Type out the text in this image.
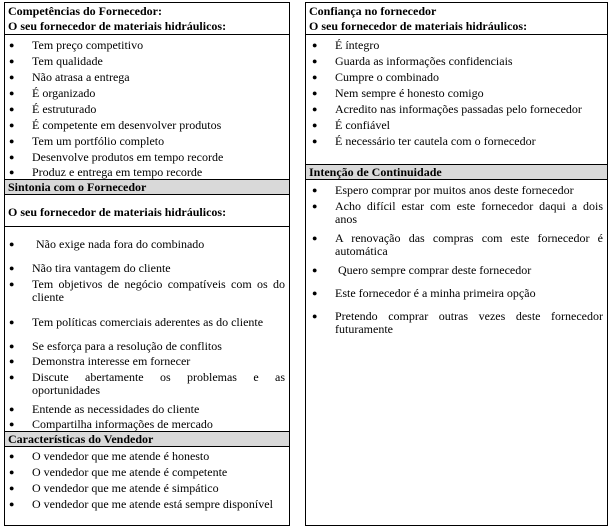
Competências do Fornecedor:
O seu fornecedor de materiais hidráulicos:
● Tem preço competitivo
● Tem qualidade
● Não atrasa a entrega
● É organizado
● É estruturado
● É competente em desenvolver produtos
● Tem um portfólio completo
● Desenvolve produtos em tempo recorde
● Produz e entrega em tempo recorde
Sintonia com o Fornecedor
O seu fornecedor de materiais hidráulicos:
● Não exige nada fora do combinado
● Não tira vantagem do cliente
● Tem objetivos de negócio compatíveis com os do cliente
● Tem políticas comerciais aderentes as do cliente
● Se esforça para a resolução de conflitos
● Demonstra interesse em fornecer
● Discute abertamente os problemas e as oportunidades
● Entende as necessidades do cliente
● Compartilha informações de mercado
Características do Vendedor
● O vendedor que me atende é honesto
● O vendedor que me atende é competente
● O vendedor que me atende é simpático
● O vendedor que me atende está sempre disponível
Confiança no fornecedor
O seu fornecedor de materiais hidráulicos:
● É íntegro
● Guarda as informações confidenciais
● Cumpre o combinado
● Nem sempre é honesto comigo
● Acredito nas informações passadas pelo fornecedor
● É confiável
● É necessário ter cautela com o fornecedor
Intenção de Continuidade
● Espero comprar por muitos anos deste fornecedor
● Acho difícil estar com este fornecedor daqui a dois anos
● A renovação das compras com este fornecedor é automática
● Quero sempre comprar deste fornecedor
● Este fornecedor é a minha primeira opção
● Pretendo comprar outras vezes deste fornecedor futuramente
